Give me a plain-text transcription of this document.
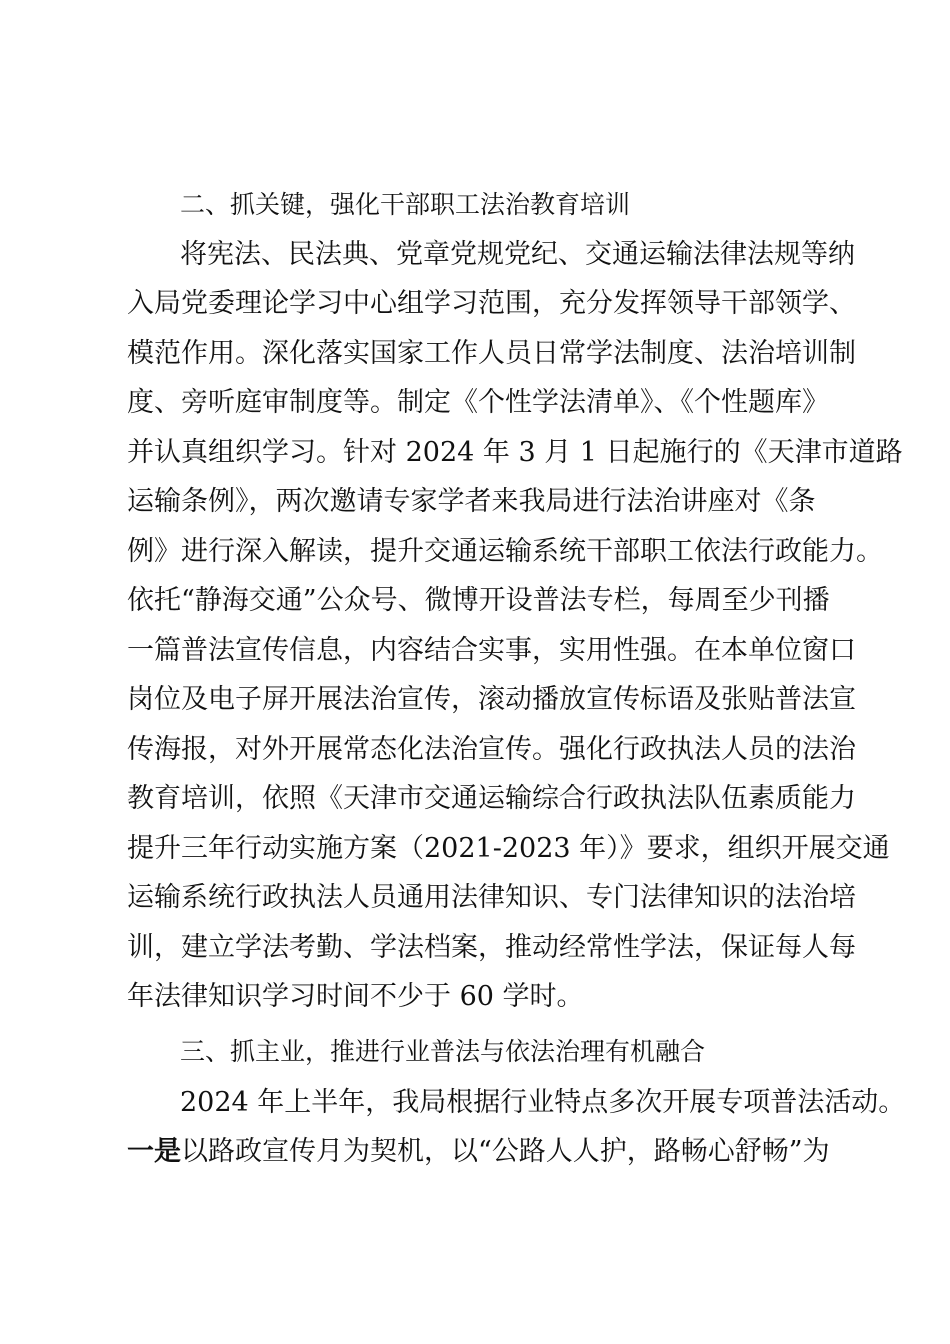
二、抓关键，强化干部职工法治教育培训
将宪法、民法典、党章党规党纪、交通运输法律法规等纳
入局党委理论学习中心组学习范围，充分发挥领导干部领学、
模范作用。深化落实国家工作人员日常学法制度、法治培训制
度、旁听庭审制度等。制定《个性学法清单》、《个性题库》
并认真组织学习。针对 2024 年 3 月 1 日起施行的《天津市道路
运输条例》，两次邀请专家学者来我局进行法治讲座对《条
例》进行深入解读，提升交通运输系统干部职工依法行政能力。
依托“静海交通”公众号、微博开设普法专栏，每周至少刊播
一篇普法宣传信息，内容结合实事，实用性强。在本单位窗口
岗位及电子屏开展法治宣传，滚动播放宣传标语及张贴普法宣
传海报，对外开展常态化法治宣传。强化行政执法人员的法治
教育培训，依照《天津市交通运输综合行政执法队伍素质能力
提升三年行动实施方案（2021-2023 年）》要求，组织开展交通
运输系统行政执法人员通用法律知识、专门法律知识的法治培
训，建立学法考勤、学法档案，推动经常性学法，保证每人每
年法律知识学习时间不少于 60 学时。
三、抓主业，推进行业普法与依法治理有机融合
2024 年上半年，我局根据行业特点多次开展专项普法活动。
一是以路政宣传月为契机，以“公路人人护，路畅心舒畅”为
